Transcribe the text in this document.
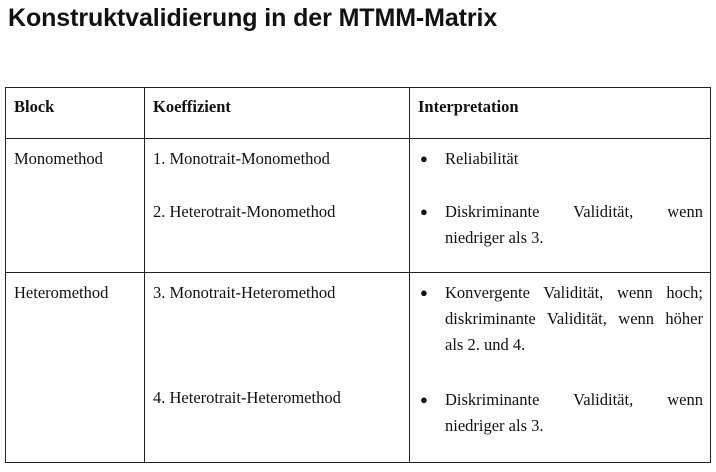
Konstruktvalidierung in der MTMM-Matrix
Block	Koeffizient	Interpretation
Monomethod	1. Monotrait-Monomethod	● Reliabilität
2. Heterotrait-Monomethod	● Diskriminante Validität, wenn niedriger als 3.
Heteromethod	3. Monotrait-Heteromethod	● Konvergente Validität, wenn hoch; diskriminante Validität, wenn höher als 2. und 4.
4. Heterotrait-Heteromethod	● Diskriminante Validität, wenn niedriger als 3.
